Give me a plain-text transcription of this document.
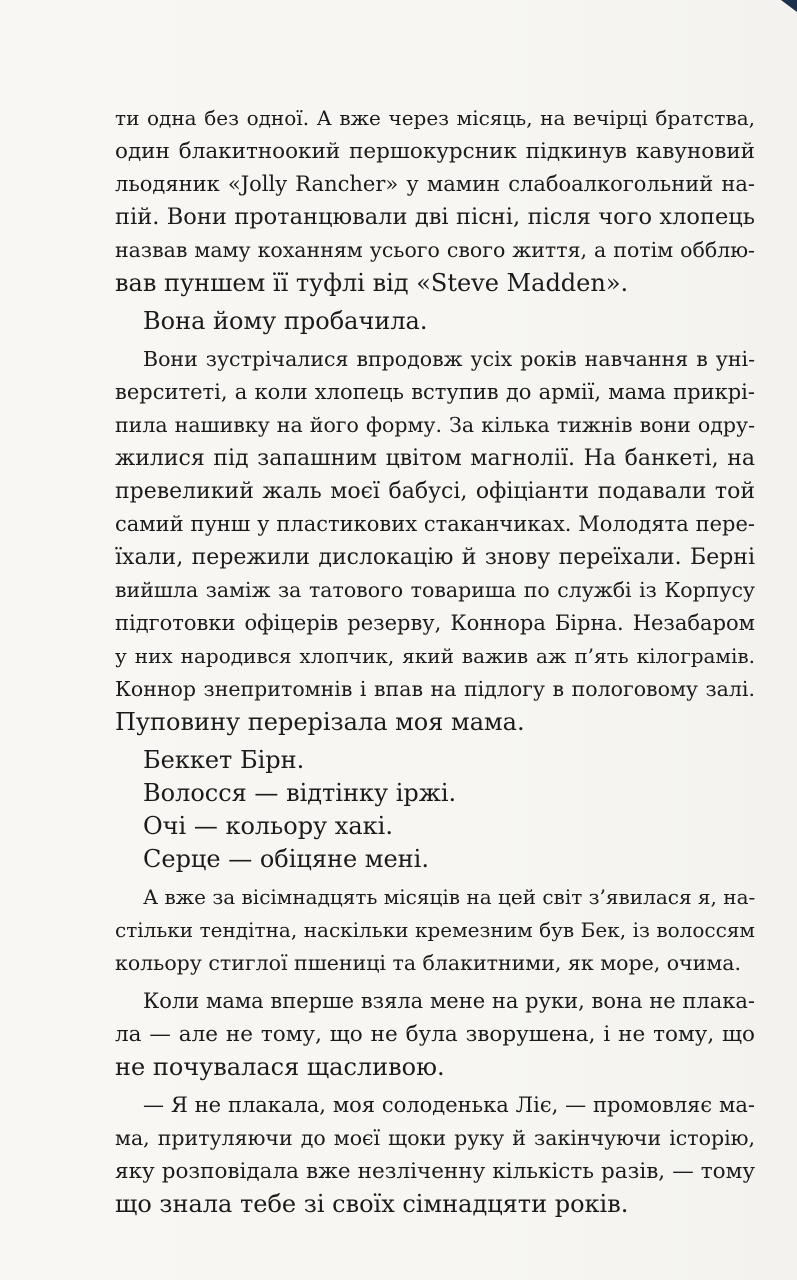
ти одна без одної. А вже через місяць, на вечірці братства,
один блакитноокий першокурсник підкинув кавуновий
льодяник «Jolly Rancher» у мамин слабоалкогольний на-
пій. Вони протанцювали дві пісні, після чого хлопець
назвав маму коханням усього свого життя, а потім обблю-
вав пуншем її туфлі від «Steve Madden».
Вона йому пробачила.
Вони зустрічалися впродовж усіх років навчання в уні-
верситеті, а коли хлопець вступив до армії, мама прикрі-
пила нашивку на його форму. За кілька тижнів вони одру-
жилися під запашним цвітом магнолії. На банкеті, на
превеликий жаль моєї бабусі, офіціанти подавали той
самий пунш у пластикових стаканчиках. Молодята пере-
їхали, пережили дислокацію й знову переїхали. Берні
вийшла заміж за татового товариша по службі із Корпусу
підготовки офіцерів резерву, Коннора Бірна. Незабаром
у них народився хлопчик, який важив аж п’ять кілограмів.
Коннор знепритомнів і впав на підлогу в пологовому залі.
Пуповину перерізала моя мама.
Беккет Бірн.
Волосся — відтінку іржі.
Очі — кольору хакі.
Серце — обіцяне мені.
А вже за вісімнадцять місяців на цей світ з’явилася я, на-
стільки тендітна, наскільки кремезним був Бек, із волоссям
кольору стиглої пшениці та блакитними, як море, очима.
Коли мама вперше взяла мене на руки, вона не плака-
ла — але не тому, що не була зворушена, і не тому, що
не почувалася щасливою.
— Я не плакала, моя солоденька Ліє, — промовляє ма-
ма, притуляючи до моєї щоки руку й закінчуючи історію,
яку розповідала вже незліченну кількість разів, — тому
що знала тебе зі своїх сімнадцяти років.
